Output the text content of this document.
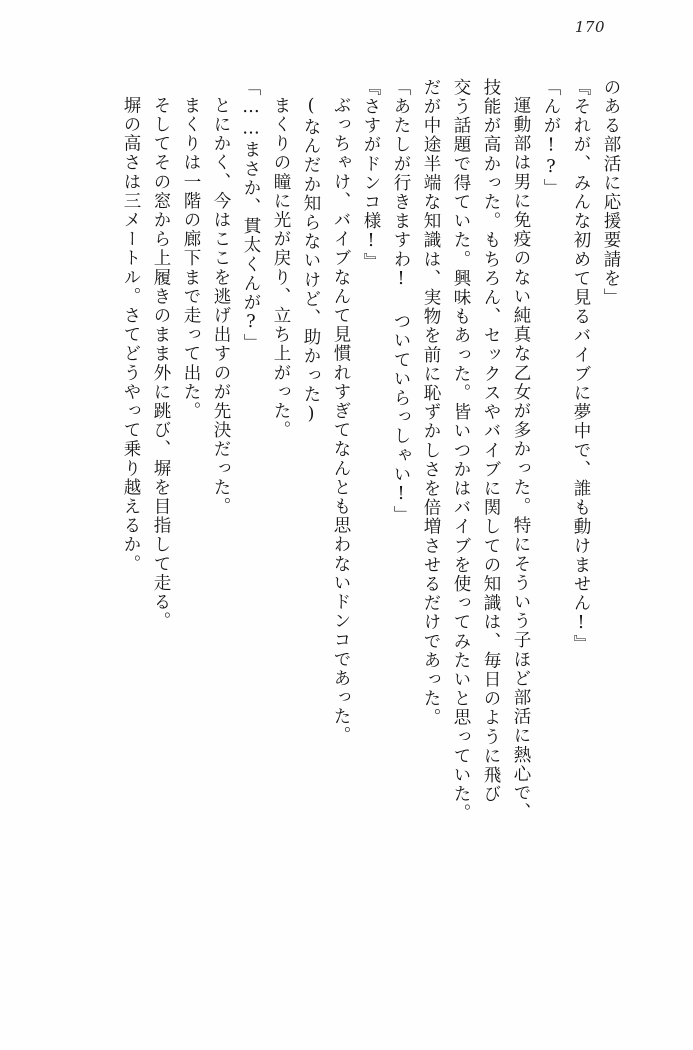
170
のある部活に応援要請を」
『それが、みんな初めて見るバイブに夢中で、誰も動けません!』
「んが!?」
運動部は男に免疫のない純真な乙女が多かった。特にそういう子ほど部活に熱心で、
技能が高かった。もちろん、セックスやバイブに関しての知識は、毎日のように飛び
交う話題で得ていた。興味もあった。皆いつかはバイブを使ってみたいと思っていた。
だが中途半端な知識は、実物を前に恥ずかしさを倍増させるだけであった。
「あたしが行きますわ! ついていらっしゃい!」
『さすがドンコ様!』
ぶっちゃけ、バイブなんて見慣れすぎてなんとも思わないドンコであった。
(なんだか知らないけど、助かった)
まくりの瞳に光が戻り、立ち上がった。
「……まさか、貫太くんが?」
とにかく、今はここを逃げ出すのが先決だった。
まくりは一階の廊下まで走って出た。
そしてその窓から上履きのまま外に跳び、塀を目指して走る。
塀の高さは三メートル。さてどうやって乗り越えるか。
